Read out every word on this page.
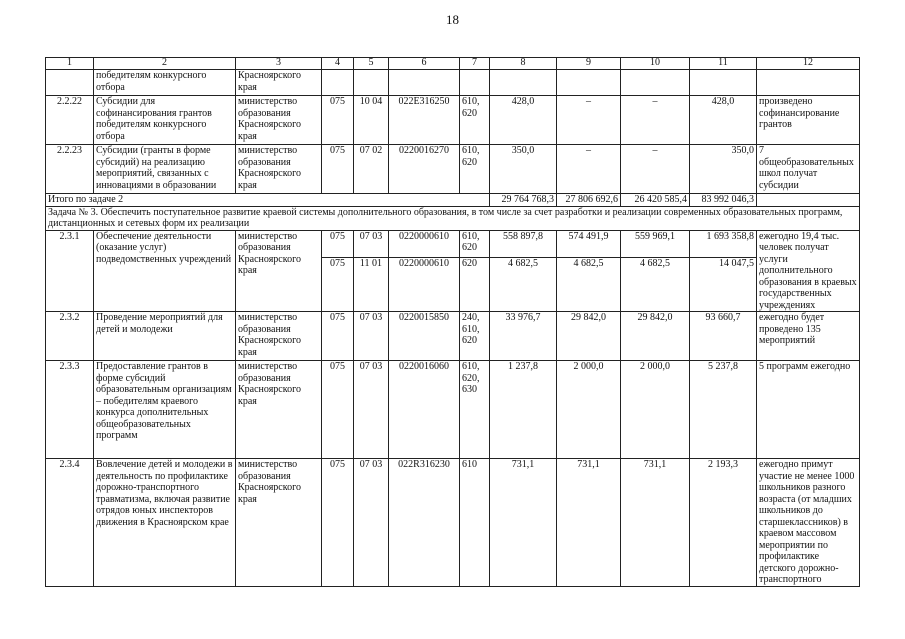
18
1	2	3	4	5	6	7	8	9	10	11	12
	победителям конкурсного отбора	Красноярского края									
2.2.22	Субсидии для софинансирования грантов победителям конкурсного отбора	министерство образования Красноярского края	075	10 04	022E316250	610, 620	428,0	–	–	428,0	произведено софинансирование грантов
2.2.23	Субсидии (гранты в форме субсидий) на реализацию мероприятий, связанных с инновациями в образовании	министерство образования Красноярского края	075	07 02	0220016270	610, 620	350,0	–	–	350,0	7 общеобразовательных школ получат субсидии
Итого по задаче 2							29 764 768,3	27 806 692,6	26 420 585,4	83 992 046,3	
Задача № 3. Обеспечить поступательное развитие краевой системы дополнительного образования, в том числе за счет разработки и реализации современных образовательных программ, дистанционных и сетевых форм их реализации											
2.3.1	Обеспечение деятельности (оказание услуг) подведомственных учреждений	министерство образования Красноярского края	075	07 03	0220000610	610, 620	558 897,8	574 491,9	559 969,1	1 693 358,8	ежегодно 19,4 тыс. человек получат услуги дополнительного образования в краевых государственных учреждениях
			075	11 01	0220000610	620	4 682,5	4 682,5	4 682,5	14 047,5	
2.3.2	Проведение мероприятий для детей и молодежи	министерство образования Красноярского края	075	07 03	0220015850	240, 610, 620	33 976,7	29 842,0	29 842,0	93 660,7	ежегодно будет проведено 135 мероприятий
2.3.3	Предоставление грантов в форме субсидий образовательным организациям – победителям краевого конкурса дополнительных общеобразовательных программ	министерство образования Красноярского края	075	07 03	0220016060	610, 620, 630	1 237,8	2 000,0	2 000,0	5 237,8	5 программ ежегодно
2.3.4	Вовлечение детей и молодежи в деятельность по профилактике дорожно-транспортного травматизма, включая развитие отрядов юных инспекторов движения в Красноярском крае	министерство образования Красноярского края	075	07 03	022R316230	610	731,1	731,1	731,1	2 193,3	ежегодно примут участие не менее 1000 школьников разного возраста (от младших школьников до старшеклассников) в краевом массовом мероприятии по профилактике детского дорожно-транспортного
